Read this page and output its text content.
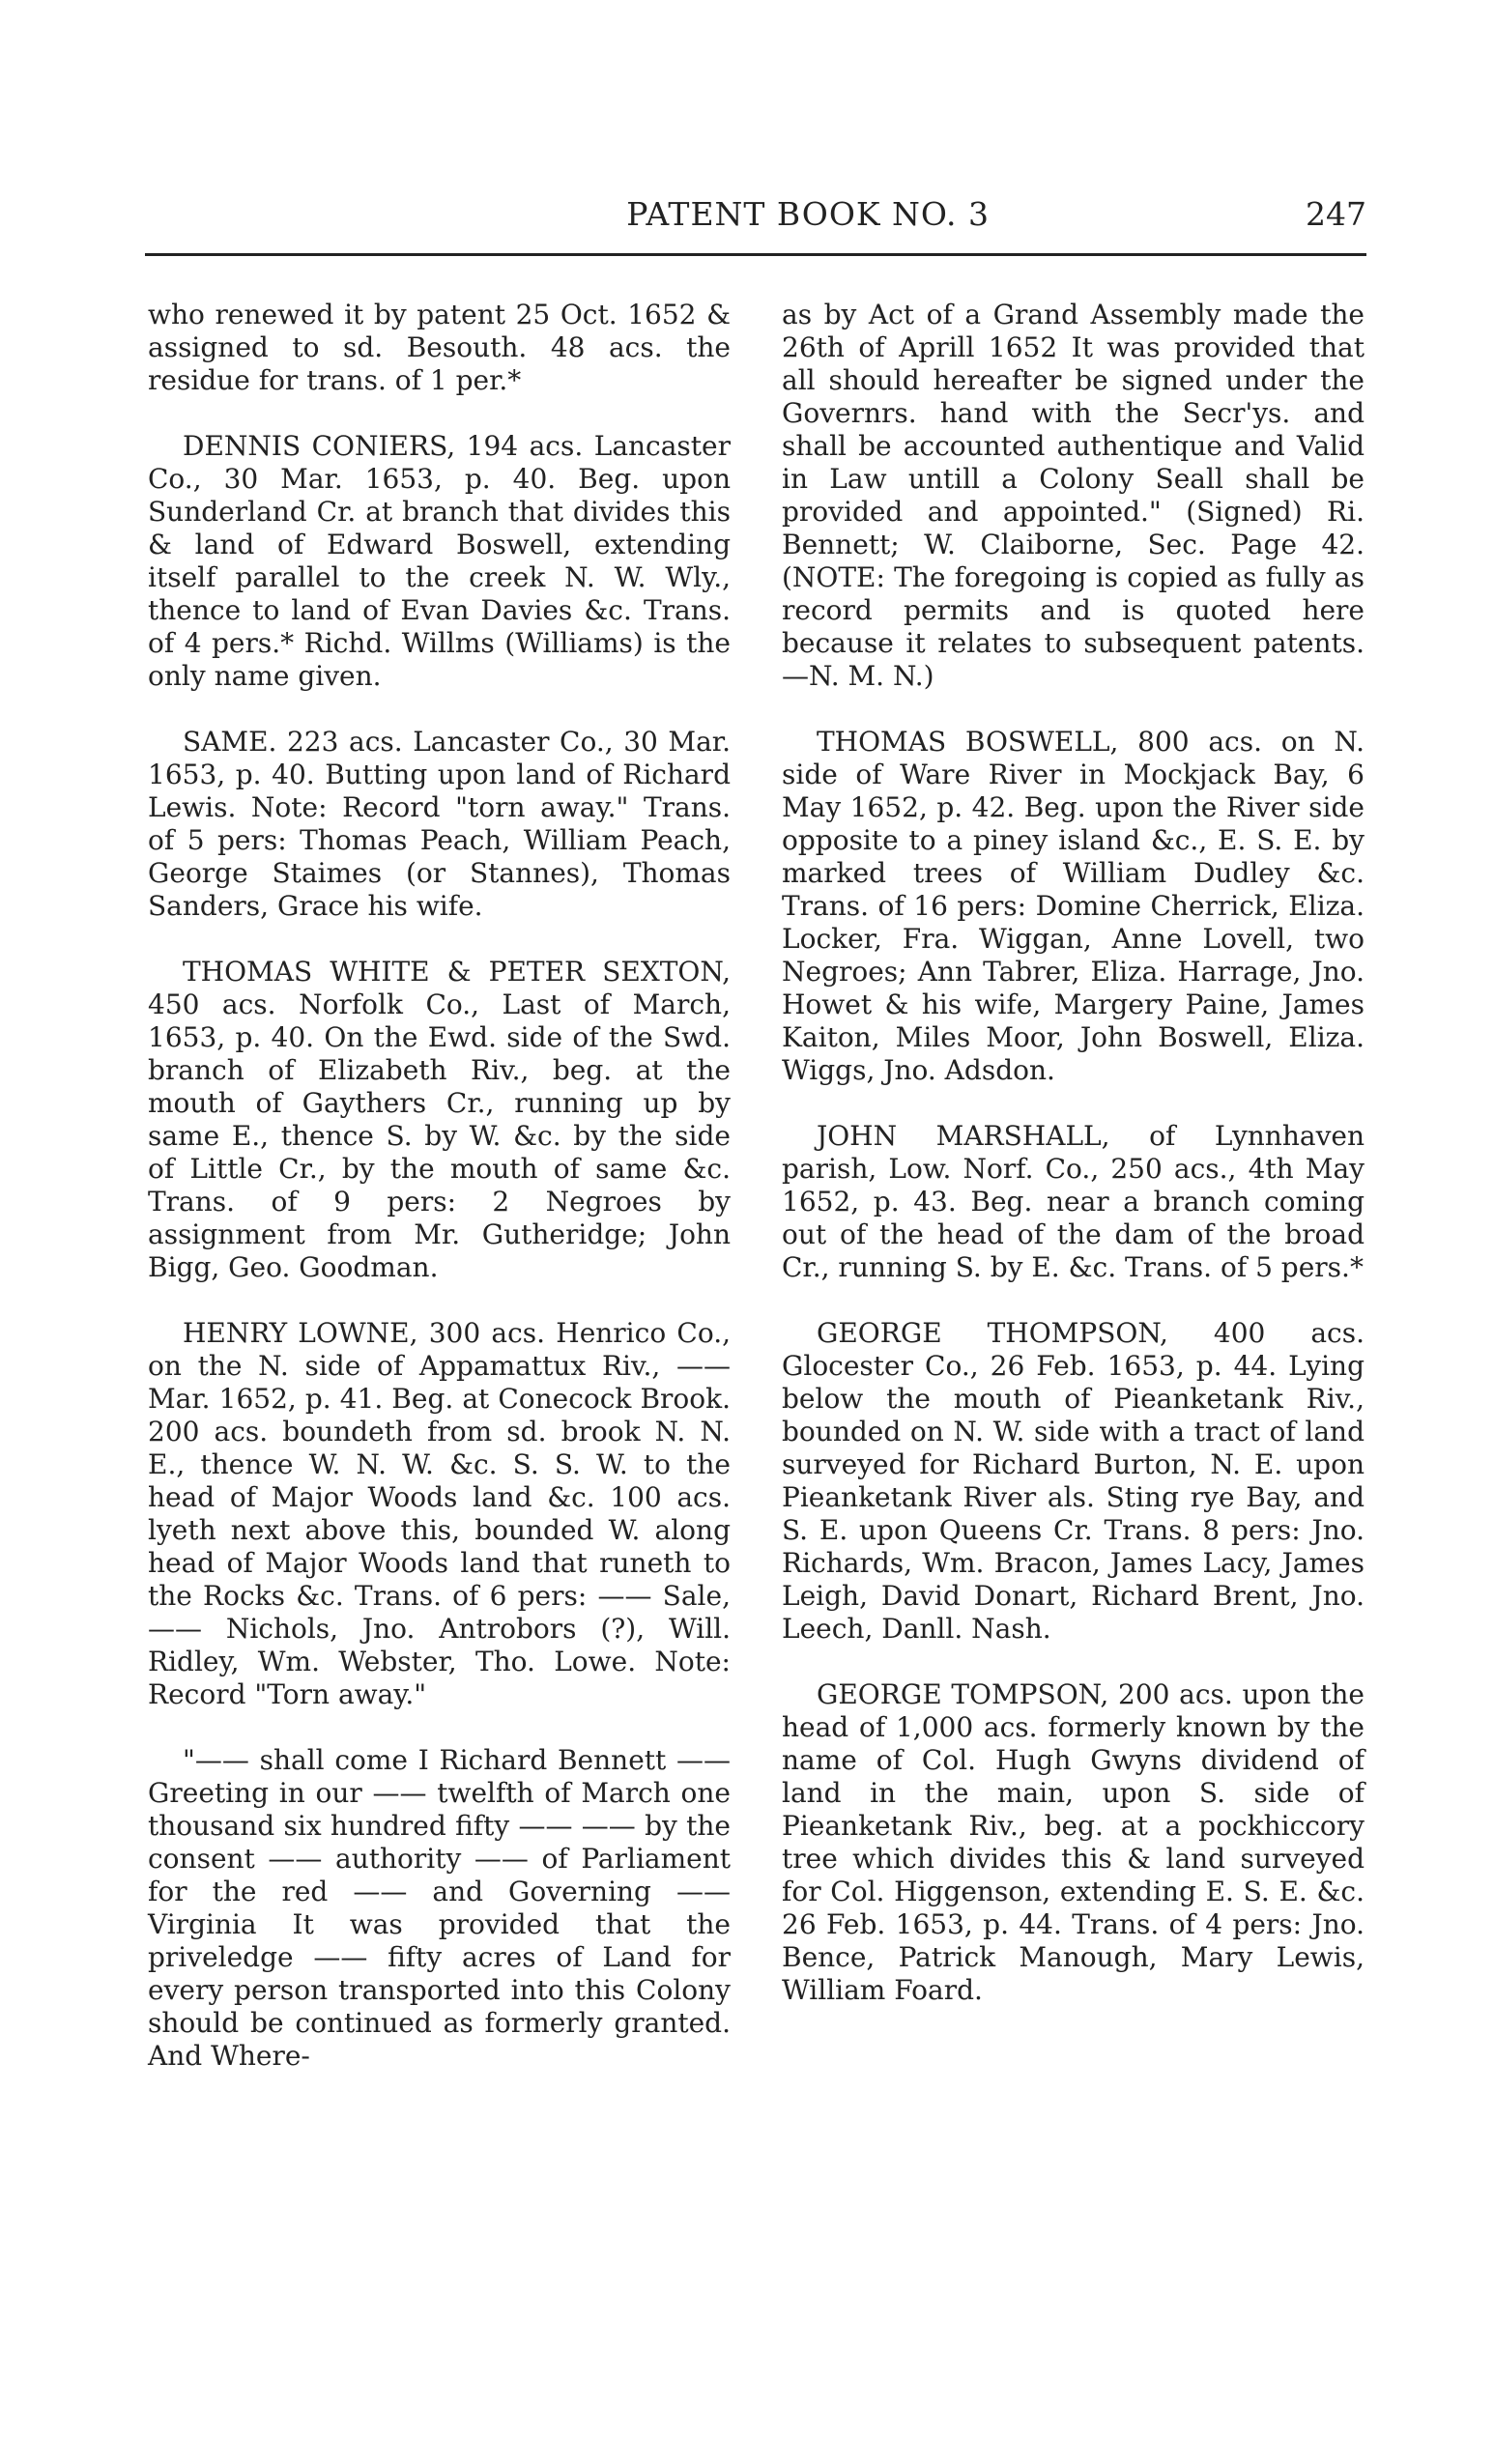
PATENT BOOK NO. 3	247

who renewed it by patent 25 Oct. 1652 & assigned to sd. Besouth. 48 acs. the residue for trans. of 1 per.*

DENNIS CONIERS, 194 acs. Lancaster Co., 30 Mar. 1653, p. 40. Beg. upon Sunderland Cr. at branch that divides this & land of Edward Boswell, extending itself parallel to the creek N. W. Wly., thence to land of Evan Davies &c. Trans. of 4 pers.* Richd. Willms (Williams) is the only name given.

SAME. 223 acs. Lancaster Co., 30 Mar. 1653, p. 40. Butting upon land of Richard Lewis. Note: Record "torn away." Trans. of 5 pers: Thomas Peach, William Peach, George Staimes (or Stannes), Thomas Sanders, Grace his wife.

THOMAS WHITE & PETER SEXTON, 450 acs. Norfolk Co., Last of March, 1653, p. 40. On the Ewd. side of the Swd. branch of Elizabeth Riv., beg. at the mouth of Gaythers Cr., running up by same E., thence S. by W. &c. by the side of Little Cr., by the mouth of same &c. Trans. of 9 pers: 2 Negroes by assignment from Mr. Gutheridge; John Bigg, Geo. Goodman.

HENRY LOWNE, 300 acs. Henrico Co., on the N. side of Appamattux Riv., —— Mar. 1652, p. 41. Beg. at Conecock Brook. 200 acs. boundeth from sd. brook N. N. E., thence W. N. W. &c. S. S. W. to the head of Major Woods land &c. 100 acs. lyeth next above this, bounded W. along head of Major Woods land that runeth to the Rocks &c. Trans. of 6 pers: —— Sale, —— Nichols, Jno. Antrobors (?), Will. Ridley, Wm. Webster, Tho. Lowe. Note: Record "Torn away."

"—— shall come I Richard Bennett —— Greeting in our —— twelfth of March one thousand six hundred fifty —— —— by the consent —— authority —— of Parliament for the red —— and Governing —— Virginia It was provided that the priveledge —— fifty acres of Land for every person transported into this Colony should be continued as formerly granted. And Where-

as by Act of a Grand Assembly made the 26th of Aprill 1652 It was provided that all should hereafter be signed under the Governrs. hand with the Secr'ys. and shall be accounted authentique and Valid in Law untill a Colony Seall shall be provided and appointed." (Signed) Ri. Bennett; W. Claiborne, Sec. Page 42. (NOTE: The foregoing is copied as fully as record permits and is quoted here because it relates to subsequent patents.—N. M. N.)

THOMAS BOSWELL, 800 acs. on N. side of Ware River in Mockjack Bay, 6 May 1652, p. 42. Beg. upon the River side opposite to a piney island &c., E. S. E. by marked trees of William Dudley &c. Trans. of 16 pers: Domine Cherrick, Eliza. Locker, Fra. Wiggan, Anne Lovell, two Negroes; Ann Tabrer, Eliza. Harrage, Jno. Howet & his wife, Margery Paine, James Kaiton, Miles Moor, John Boswell, Eliza. Wiggs, Jno. Adsdon.

JOHN MARSHALL, of Lynnhaven parish, Low. Norf. Co., 250 acs., 4th May 1652, p. 43. Beg. near a branch coming out of the head of the dam of the broad Cr., running S. by E. &c. Trans. of 5 pers.*

GEORGE THOMPSON, 400 acs. Glocester Co., 26 Feb. 1653, p. 44. Lying below the mouth of Pieanketank Riv., bounded on N. W. side with a tract of land surveyed for Richard Burton, N. E. upon Pieanketank River als. Sting rye Bay, and S. E. upon Queens Cr. Trans. 8 pers: Jno. Richards, Wm. Bracon, James Lacy, James Leigh, David Donart, Richard Brent, Jno. Leech, Danll. Nash.

GEORGE TOMPSON, 200 acs. upon the head of 1,000 acs. formerly known by the name of Col. Hugh Gwyns dividend of land in the main, upon S. side of Pieanketank Riv., beg. at a pockhiccory tree which divides this & land surveyed for Col. Higgenson, extending E. S. E. &c. 26 Feb. 1653, p. 44. Trans. of 4 pers: Jno. Bence, Patrick Manough, Mary Lewis, William Foard.
